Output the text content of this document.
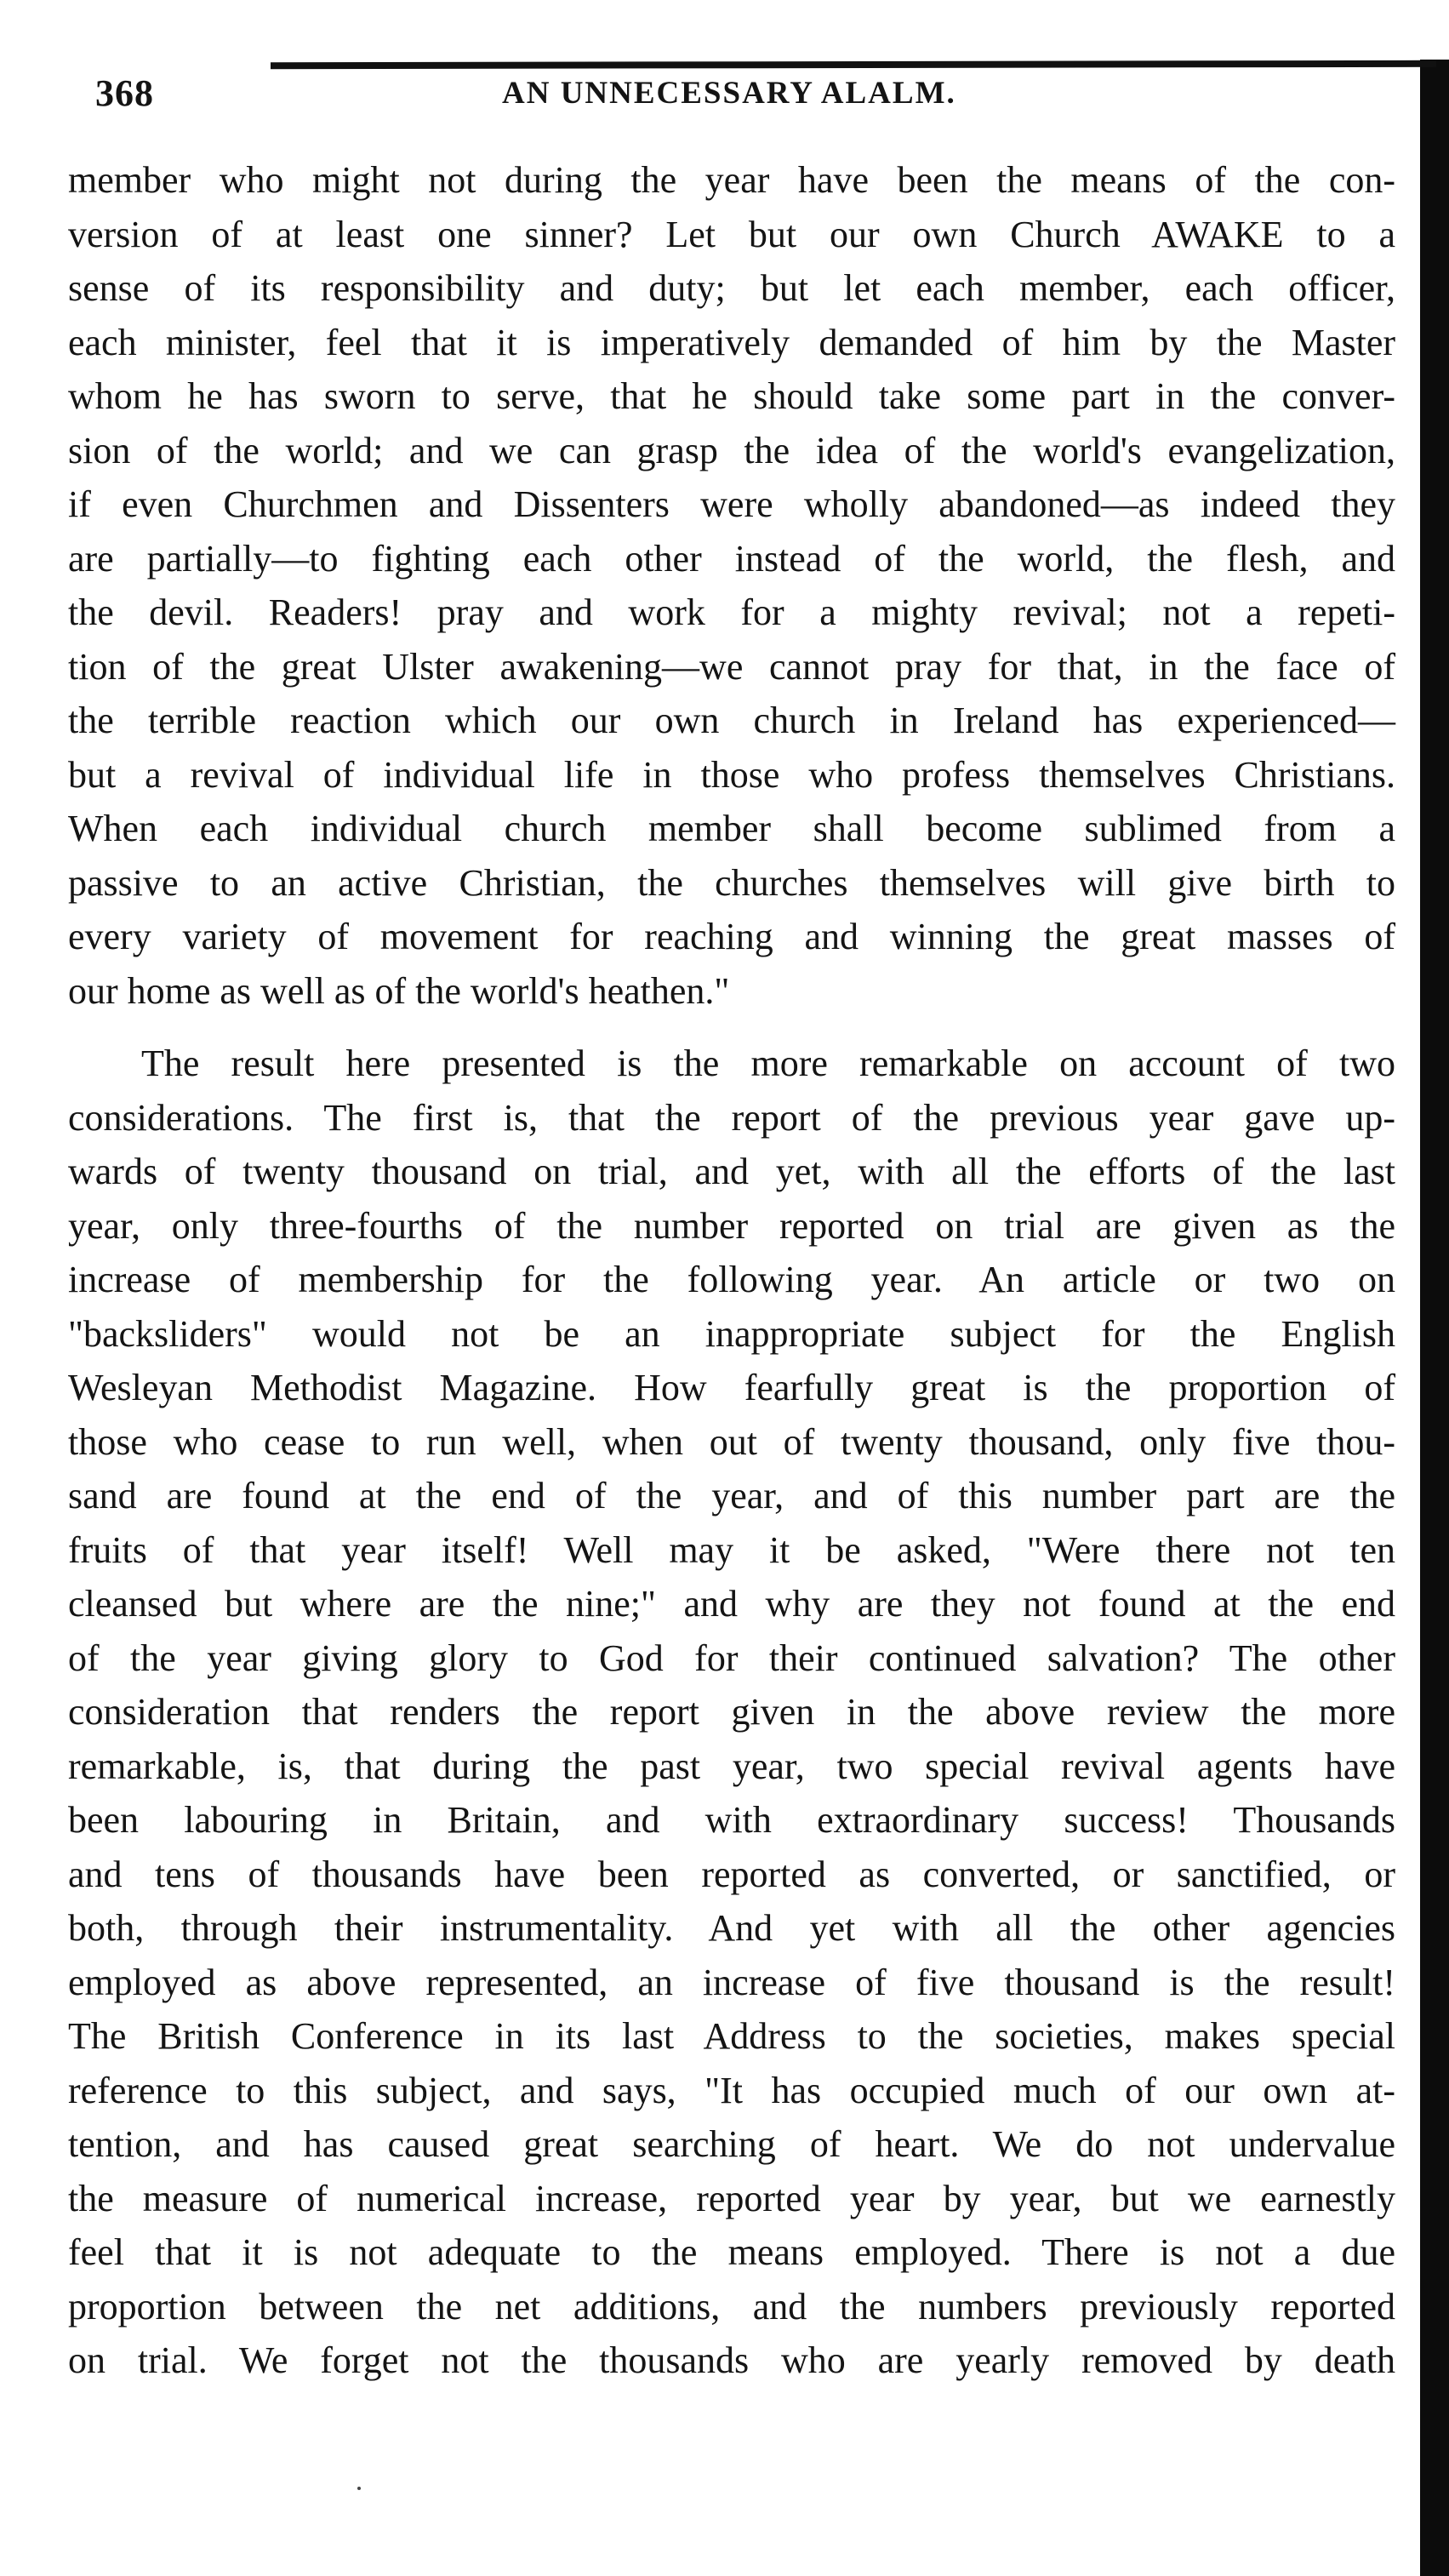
368	AN UNNECESSARY ALALM.
member who might not during the year have been the means of the con-
version of at least one sinner? Let but our own Church AWAKE to a
sense of its responsibility and duty; but let each member, each officer,
each minister, feel that it is imperatively demanded of him by the Master
whom he has sworn to serve, that he should take some part in the conver-
sion of the world; and we can grasp the idea of the world's evangelization,
if even Churchmen and Dissenters were wholly abandoned—as indeed they
are partially—to fighting each other instead of the world, the flesh, and
the devil. Readers! pray and work for a mighty revival; not a repeti-
tion of the great Ulster awakening—we cannot pray for that, in the face of
the terrible reaction which our own church in Ireland has experienced—
but a revival of individual life in those who profess themselves Christians.
When each individual church member shall become sublimed from a
passive to an active Christian, the churches themselves will give birth to
every variety of movement for reaching and winning the great masses of
our home as well as of the world's heathen."
The result here presented is the more remarkable on account of two
considerations. The first is, that the report of the previous year gave up-
wards of twenty thousand on trial, and yet, with all the efforts of the last
year, only three-fourths of the number reported on trial are given as the
increase of membership for the following year. An article or two on
"backsliders" would not be an inappropriate subject for the English
Wesleyan Methodist Magazine. How fearfully great is the proportion of
those who cease to run well, when out of twenty thousand, only five thou-
sand are found at the end of the year, and of this number part are the
fruits of that year itself! Well may it be asked, "Were there not ten
cleansed but where are the nine;" and why are they not found at the end
of the year giving glory to God for their continued salvation? The other
consideration that renders the report given in the above review the more
remarkable, is, that during the past year, two special revival agents have
been labouring in Britain, and with extraordinary success! Thousands
and tens of thousands have been reported as converted, or sanctified, or
both, through their instrumentality. And yet with all the other agencies
employed as above represented, an increase of five thousand is the result!
The British Conference in its last Address to the societies, makes special
reference to this subject, and says, "It has occupied much of our own at-
tention, and has caused great searching of heart. We do not undervalue
the measure of numerical increase, reported year by year, but we earnestly
feel that it is not adequate to the means employed. There is not a due
proportion between the net additions, and the numbers previously reported
on trial. We forget not the thousands who are yearly removed by death
